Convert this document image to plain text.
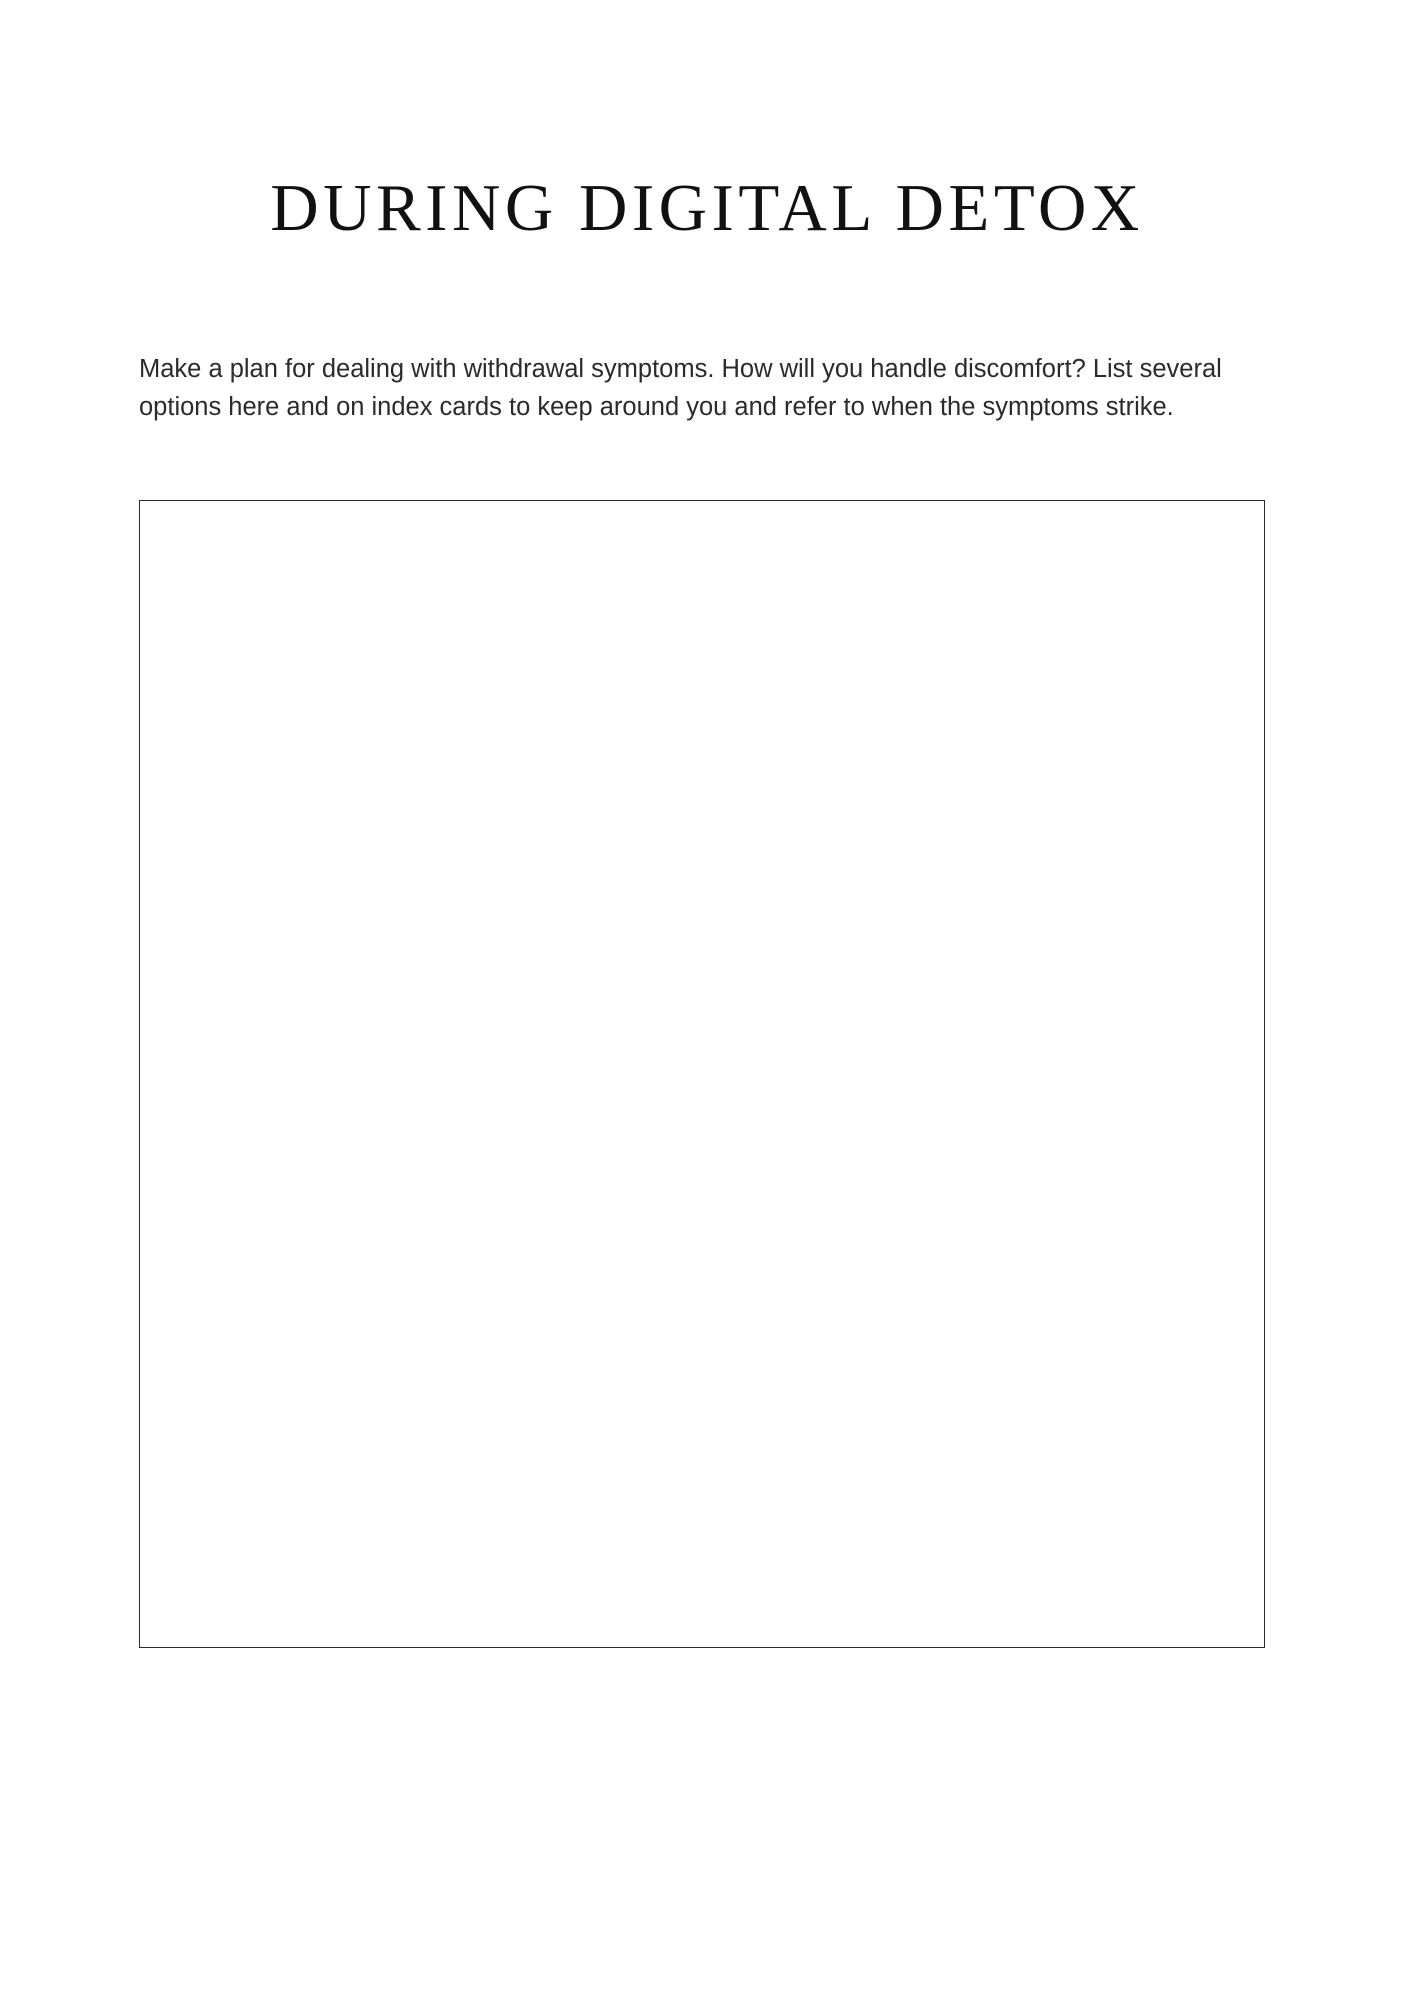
DURING DIGITAL DETOX

Make a plan for dealing with withdrawal symptoms. How will you handle discomfort? List several options here and on index cards to keep around you and refer to when the symptoms strike.
